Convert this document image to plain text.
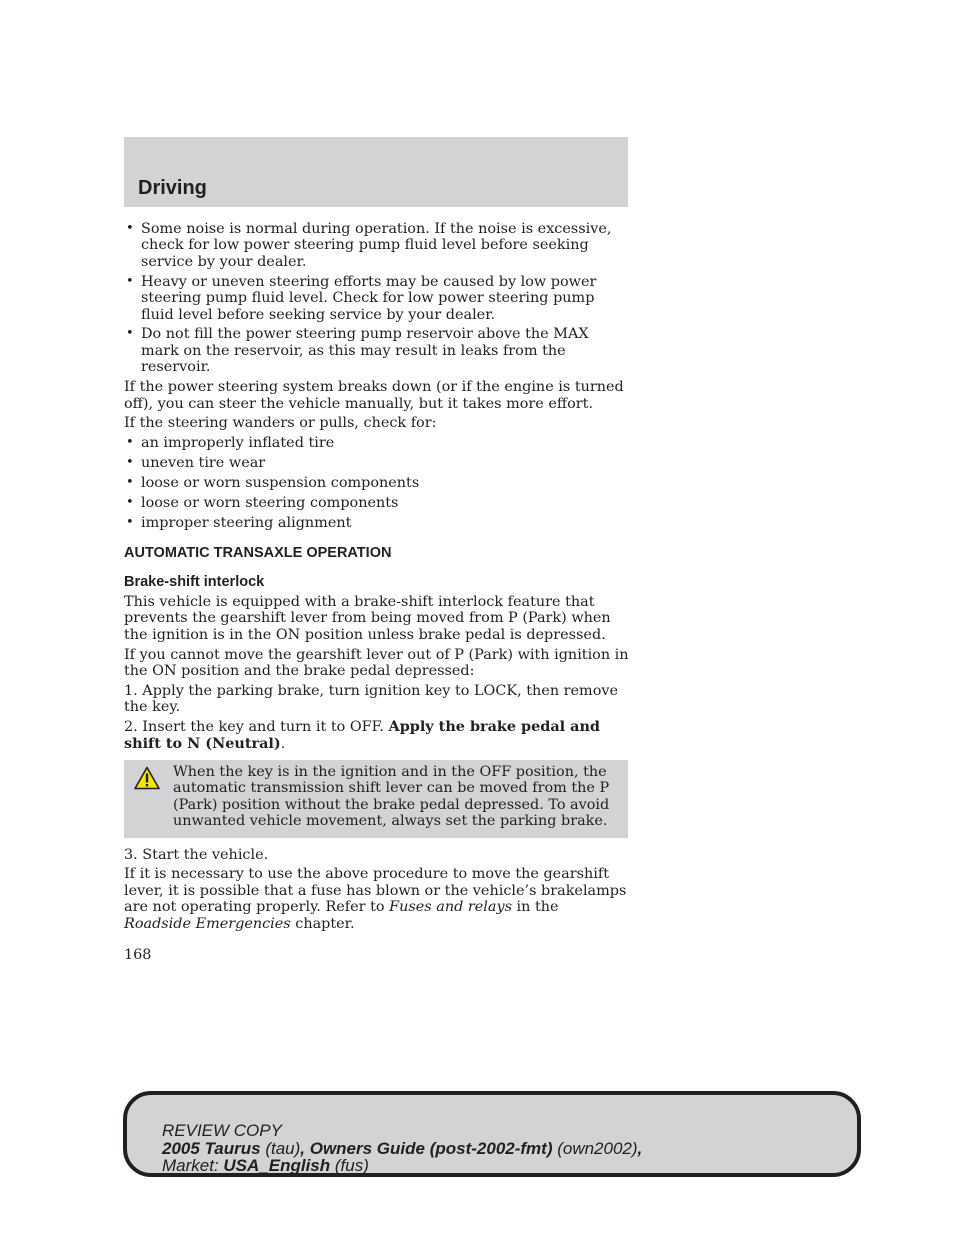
Driving
• Some noise is normal during operation. If the noise is excessive, check for low power steering pump fluid level before seeking service by your dealer.
• Heavy or uneven steering efforts may be caused by low power steering pump fluid level. Check for low power steering pump fluid level before seeking service by your dealer.
• Do not fill the power steering pump reservoir above the MAX mark on the reservoir, as this may result in leaks from the reservoir.

If the power steering system breaks down (or if the engine is turned off), you can steer the vehicle manually, but it takes more effort.

If the steering wanders or pulls, check for:

• an improperly inflated tire
• uneven tire wear
• loose or worn suspension components
• loose or worn steering components
• improper steering alignment
AUTOMATIC TRANSAXLE OPERATION
Brake-shift interlock

This vehicle is equipped with a brake-shift interlock feature that prevents the gearshift lever from being moved from P (Park) when the ignition is in the ON position unless brake pedal is depressed.

If you cannot move the gearshift lever out of P (Park) with ignition in the ON position and the brake pedal depressed:

1. Apply the parking brake, turn ignition key to LOCK, then remove the key.

2. Insert the key and turn it to OFF. Apply the brake pedal and shift to N (Neutral).

When the key is in the ignition and in the OFF position, the automatic transmission shift lever can be moved from the P (Park) position without the brake pedal depressed. To avoid unwanted vehicle movement, always set the parking brake.

3. Start the vehicle.

If it is necessary to use the above procedure to move the gearshift lever, it is possible that a fuse has blown or the vehicle’s brakelamps are not operating properly. Refer to Fuses and relays in the Roadside Emergencies chapter.

168

REVIEW COPY
2005 Taurus (tau), Owners Guide (post-2002-fmt) (own2002),
Market: USA_English (fus)
